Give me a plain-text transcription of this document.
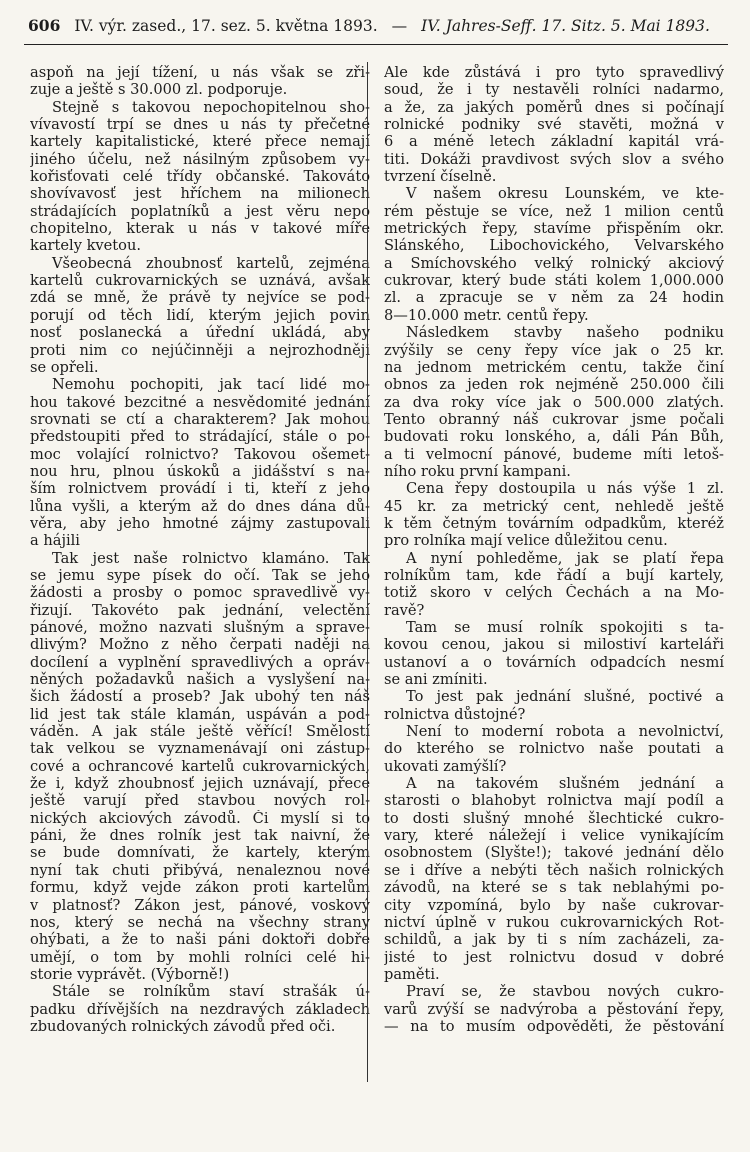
606 IV. výr. zased., 17. sez. 5. května 1893. — IV. Jahres-Seff. 17. Sitz. 5. Mai 1893.
aspoň na její tížení, u nás však se zři-
zuje a ještě s 30.000 zl. podporuje.
Stejně s takovou nepochopitelnou sho-
vívavostí trpí se dnes u nás ty přečetné
kartely kapitalistické, které přece nemají
jiného účelu, než násilným způsobem vy-
kořisťovati celé třídy občanské. Takováto
shovívavosť jest hříchem na milionech
strádajících poplatníků a jest věru nepo
chopitelno, kterak u nás v takové míře
kartely kvetou.
Všeobecná zhoubnosť kartelů, zejména
kartelů cukrovarnických se uznává, avšak
zdá se mně, že právě ty nejvíce se pod-
porují od těch lidí, kterým jejich povin
nosť poslanecká a úřední ukládá, aby
proti nim co nejúčinněji a nejrozhodněji
se opřeli.
Nemohu pochopiti, jak tací lidé mo-
hou takové bezcitné a nesvědomité jednání
srovnati se ctí a charakterem? Jak mohou
předstoupiti před to strádající, stále o po-
moc volající rolnictvo? Takovou ošemet-
nou hru, plnou úskoků a jidášství s na-
ším rolnictvem provádí i ti, kteří z jeho
lůna vyšli, a kterým až do dnes dána dů-
věra, aby jeho hmotné zájmy zastupovali
a hájili
Tak jest naše rolnictvo klamáno. Tak
se jemu sype písek do očí. Tak se jeho
žádosti a prosby o pomoc spravedlivě vy-
řizují. Takovéto pak jednání, velectění
pánové, možno nazvati slušným a spravе-
dlivým? Možno z něho čerpati naději na
docílení a vyplnění spravedlivých a opráv-
něných požadavků našich a vyslyšení na-
šich žádostí a proseb? Jak ubohý ten náš
lid jest tak stále klamán, uspáván a pod-
váděn. A jak stále ještě věřící! Smělostí
tak velkou se vyznamenávají oni zástup-
cové a ochrancové kartelů cukrovarnických,
že i, když zhoubnosť jejich uznávají, přece
ještě varují před stavbou nových rol-
nických akciových závodů. Či myslí si to
páni, že dnes rolník jest tak naivní, že
se bude domnívati, že kartely, kterým
nyní tak chuti přibývá, nenaleznou nové
formu, když vejde zákon proti kartelům
v platnosť? Zákon jest, pánové, voskový
nos, který se nechá na všechny strany
ohýbati, a že to naši páni doktoři dobře
umějí, o tom by mohli rolníci celé hi-
storie vyprávět. (Výborně!)
Stále se rolníkům staví strašák ú-
padku dřívějších na nezdravých základech
zbudovaných rolnických závodů před oči.
Ale kde zůstává i pro tyto spravedlivý
soud, že i ty nestavěli rolníci nadarmo,
a že, za jakých poměrů dnes si počínají
rolnické podniky své stavěti, možná v
6 a méně letech základní kapitál vrá-
titi. Dokáži pravdivost svých slov a svého
tvrzení číselně.
V našem okresu Lounském, ve kte-
rém pěstuje se více, než 1 milion centů
metrických řepy, stavíme přispěním okr.
Slánského, Libochovického, Velvarského
a Smíchovského velký rolnický akciový
cukrovar, který bude státi kolem 1,000.000
zl. a zpracuje se v něm za 24 hodin
8—10.000 metr. centů řepy.
Následkem stavby našeho podniku
zvýšily se ceny řepy více jak o 25 kr.
na jednom metrickém centu, takže činí
obnos za jeden rok nejméně 250.000 čili
za dva roky více jak o 500.000 zlatých.
Tento obranný náš cukrovar jsme počali
budovati roku lonského, a, dáli Pán Bůh,
a ti velmocní pánové, budeme míti letoš-
ního roku první kampani.
Cena řepy dostoupila u nás výše 1 zl.
45 kr. za metrický cent, nehledě ještě
k těm četným továrním odpadkům, kteréž
pro rolníka mají velice důležitou cenu.
A nyní pohleděme, jak se platí řepa
rolníkům tam, kde řádí a bují kartely,
totiž skoro v celých Čechách a na Mo-
ravě?
Tam se musí rolník spokojiti s ta-
kovou cenou, jakou si milostiví karteláři
ustanoví a o továrních odpadcích nesmí
se ani zmíniti.
To jest pak jednání slušné, poctivé a
rolnictva důstojné?
Není to moderní robota a nevolnictví,
do kterého se rolnictvo naše poutati a
ukovati zamýšlí?
A na takovém slušném jednání a
starosti o blahobyt rolnictva mají podíl a
to dosti slušný mnohé šlechtické cukro-
vary, které náležejí i velice vynikajícím
osobnostem (Slyšte!); takové jednání dělo
se i dříve a nebýti těch našich rolnických
závodů, na které se s tak neblahými po-
city vzpomíná, bylo by naše cukrovar-
nictví úplně v rukou cukrovarnických Rot-
schildů, a jak by ti s ním zacházeli, za-
jisté to jest rolnictvu dosud v dobré
paměti.
Praví se, že stavbou nových cukro-
varů zvýší se nadvýroba a pěstování řepy,
— na to musím odpověděti, že pěstování
